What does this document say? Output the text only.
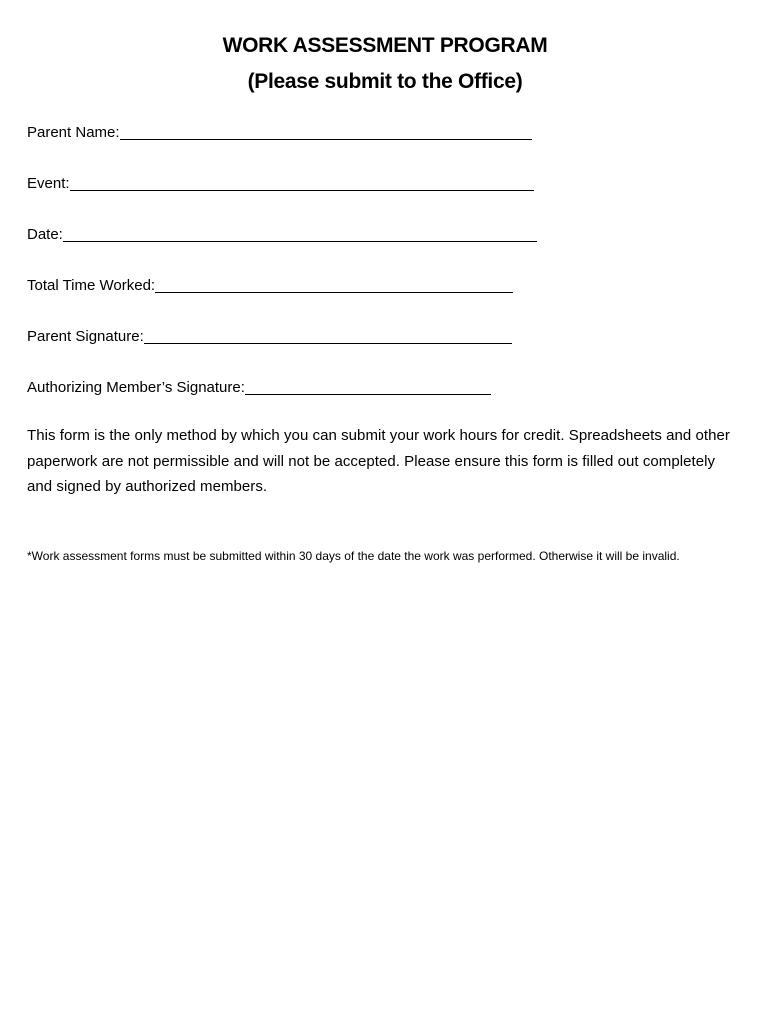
WORK ASSESSMENT PROGRAM
(Please submit to the Office)
Parent Name:
Event:
Date:
Total Time Worked:
Parent Signature:
Authorizing Member’s Signature:

This form is the only method by which you can submit your work hours for credit. Spreadsheets and other paperwork are not permissible and will not be accepted. Please ensure this form is filled out completely and signed by authorized members.

*Work assessment forms must be submitted within 30 days of the date the work was performed. Otherwise it will be invalid.
